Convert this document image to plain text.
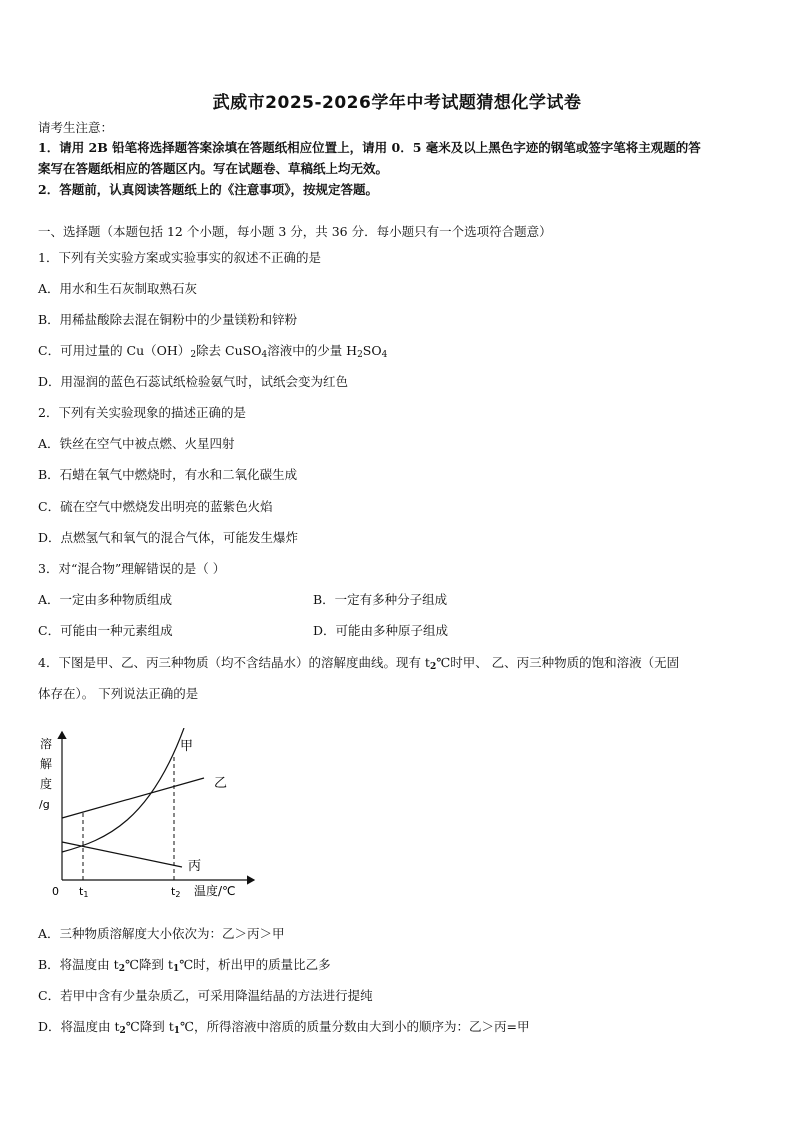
武威市2025-2026学年中考试题猜想化学试卷
请考生注意：
1．请用 2B 铅笔将选择题答案涂填在答题纸相应位置上，请用 0．5 毫米及以上黑色字迹的钢笔或签字笔将主观题的答
案写在答题纸相应的答题区内。写在试题卷、草稿纸上均无效。
2．答题前，认真阅读答题纸上的《注意事项》，按规定答题。
一、选择题（本题包括 12 个小题，每小题 3 分，共 36 分．每小题只有一个选项符合题意）
1．下列有关实验方案或实验事实的叙述不正确的是
A．用水和生石灰制取熟石灰
B．用稀盐酸除去混在铜粉中的少量镁粉和锌粉
C．可用过量的 $Cu(OH)_2$除去 CuSO$_4$溶液中的少量 $H_2SO_4$
D．用湿润的蓝色石蕊试纸检验氨气时，试纸会变为红色
2．下列有关实验现象的描述正确的是
A．铁丝在空气中被点燃、火星四射
B．石蜡在氧气中燃烧时，有水和二氧化碳生成
C．硫在空气中燃烧发出明亮的蓝紫色火焰
D．点燃氢气和氧气的混合气体，可能发生爆炸
3．对“混合物”理解错误的是（ ）
A．一定由多种物质组成	B．一定有多种分子组成
C．可能由一种元素组成	D．可能由多种原子组成
4．下图是甲、乙、丙三种物质（均不含结晶水）的溶解度曲线。现有 $t_2℃$时甲、 乙、丙三种物质的饱和溶液（无固
体存在）。 下列说法正确的是
溶
解
度
/g
0 t1	t2 温度/℃
甲
乙
丙
A．三种物质溶解度大小依次为：乙＞丙＞甲
B．将温度由 $t_2℃$降到 $t_1℃$时，析出甲的质量比乙多
C．若甲中含有少量杂质乙，可采用降温结晶的方法进行提纯
D．将温度由 $t_2℃$降到 $t_1℃$，所得溶液中溶质的质量分数由大到小的顺序为：乙＞丙=甲
